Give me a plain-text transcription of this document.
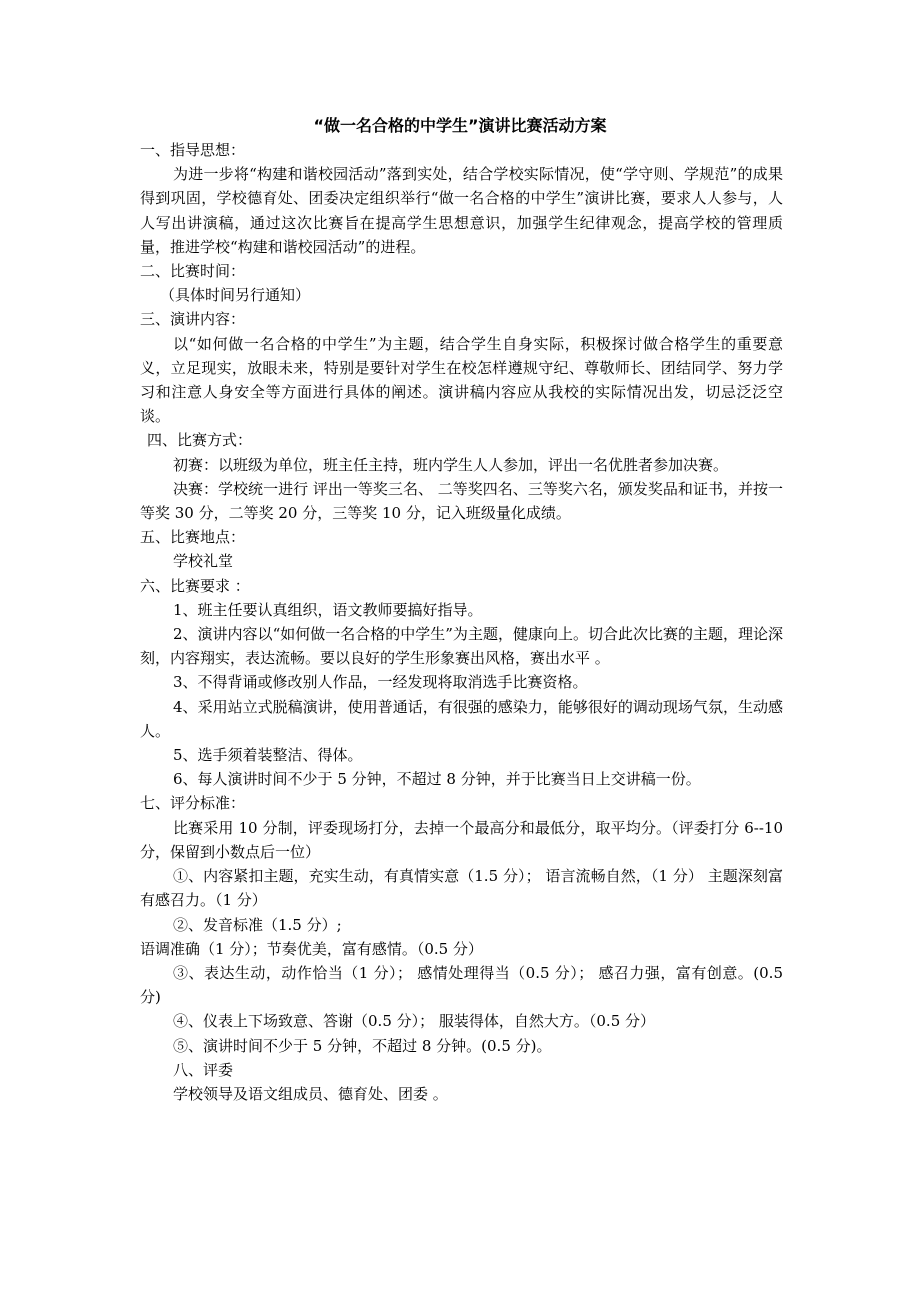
“做一名合格的中学生”演讲比赛活动方案

一、指导思想：

为进一步将“构建和谐校园活动”落到实处，结合学校实际情况，使“学守则、学规范”的成果得到巩固，学校德育处、团委决定组织举行“做一名合格的中学生”演讲比赛，要求人人参与，人人写出讲演稿，通过这次比赛旨在提高学生思想意识，加强学生纪律观念，提高学校的管理质量，推进学校“构建和谐校园活动”的进程。

二、比赛时间：

（具体时间另行通知）

三、演讲内容：

以“如何做一名合格的中学生”为主题，结合学生自身实际，积极探讨做合格学生的重要意义，立足现实，放眼未来，特别是要针对学生在校怎样遵规守纪、尊敬师长、团结同学、努力学习和注意人身安全等方面进行具体的阐述。演讲稿内容应从我校的实际情况出发，切忌泛泛空谈。

四、比赛方式：

初赛：以班级为单位，班主任主持，班内学生人人参加，评出一名优胜者参加决赛。

决赛：学校统一进行 评出一等奖三名、 二等奖四名、三等奖六名，颁发奖品和证书，并按一等奖 30 分，二等奖 20 分，三等奖 10 分，记入班级量化成绩。

五、比赛地点：

学校礼堂

六、比赛要求 ：

1、班主任要认真组织，语文教师要搞好指导。

2、演讲内容以“如何做一名合格的中学生”为主题，健康向上。切合此次比赛的主题，理论深刻，内容翔实，表达流畅。要以良好的学生形象赛出风格，赛出水平 。

3、不得背诵或修改别人作品，一经发现将取消选手比赛资格。

4、采用站立式脱稿演讲，使用普通话，有很强的感染力，能够很好的调动现场气氛，生动感人。

5、选手须着装整洁、得体。

6、每人演讲时间不少于 5 分钟，不超过 8 分钟，并于比赛当日上交讲稿一份。

七、评分标准：

比赛采用 10 分制，评委现场打分，去掉一个最高分和最低分，取平均分。（评委打分 6--10 分，保留到小数点后一位）

①、内容紧扣主题，充实生动，有真情实意（1.5 分）； 语言流畅自然，（1 分） 主题深刻富有感召力。（1 分）

②、发音标准（1.5 分）;

语调准确（1 分）；节奏优美，富有感情。（0.5 分）

③、表达生动，动作恰当（1 分）； 感情处理得当（0.5 分）； 感召力强，富有创意。(0.5 分)

④、仪表上下场致意、答谢（0.5 分）； 服装得体，自然大方。（0.5 分）

⑤、演讲时间不少于 5 分钟，不超过 8 分钟。(0.5 分)。

八、评委

学校领导及语文组成员、德育处、团委 。
